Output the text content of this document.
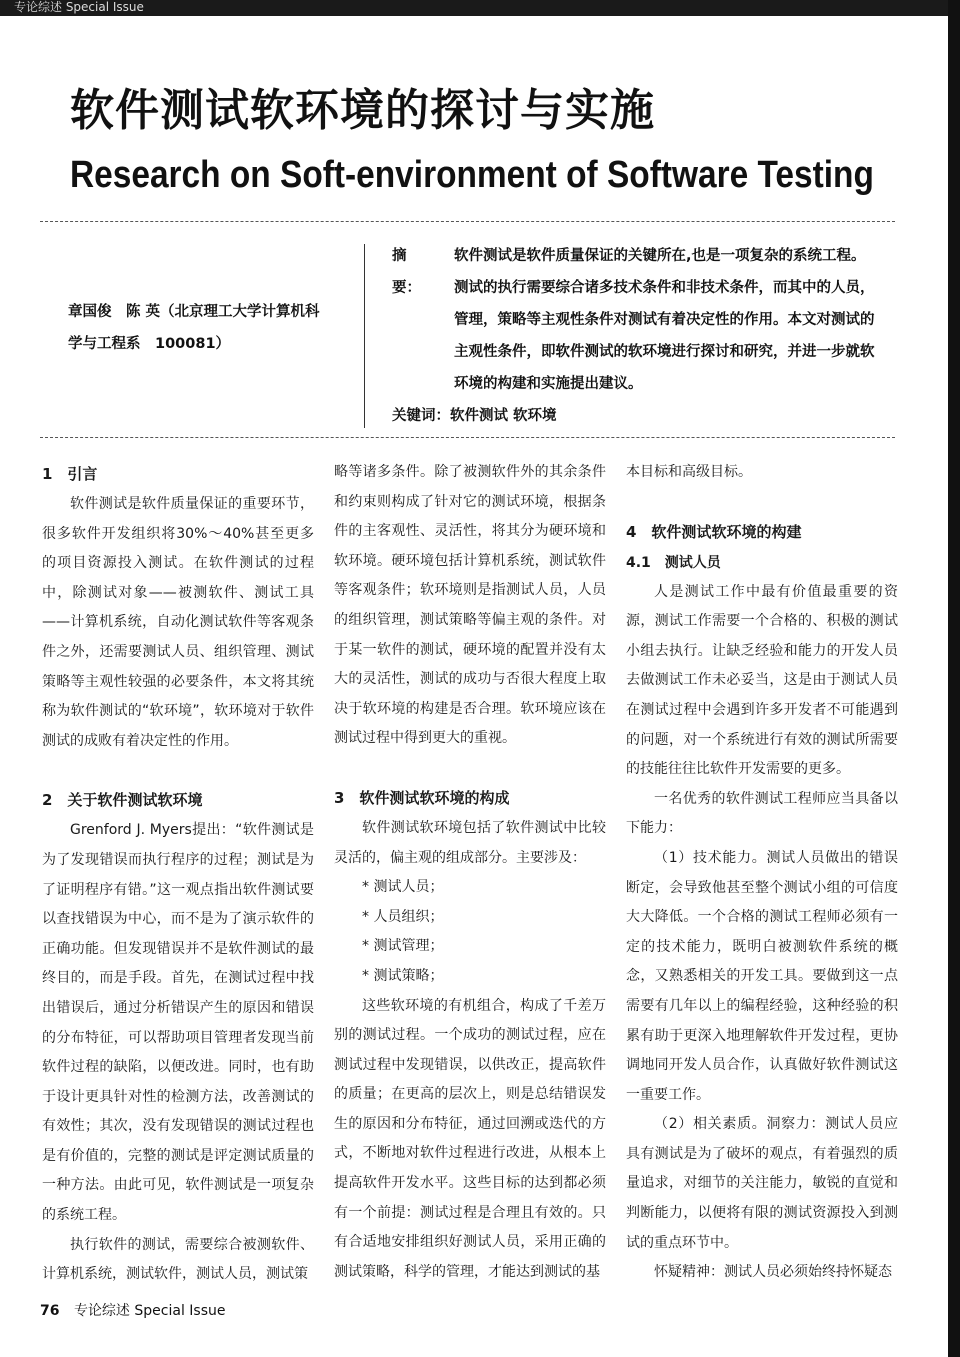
专论综述 Special Issue
软件测试软环境的探讨与实施
Research on Soft-environment of Software Testing
章国俊　陈 英（北京理工大学计算机科
学与工程系　100081）
摘　要：
软件测试是软件质量保证的关键所在,也是一项复杂的系统工程。
测试的执行需要综合诸多技术条件和非技术条件，而其中的人员，
管理，策略等主观性条件对测试有着决定性的作用。本文对测试的
主观性条件，即软件测试的软环境进行探讨和研究，并进一步就软
环境的构建和实施提出建议。
关键词：软件测试 软环境
1　引言

软件测试是软件质量保证的重要环节，很多软件开发组织将30%～40%甚至更多的项目资源投入测试。在软件测试的过程中，除测试对象——被测软件、测试工具——计算机系统，自动化测试软件等客观条件之外，还需要测试人员、组织管理、测试策略等主观性较强的必要条件，本文将其统称为软件测试的“软环境”，软环境对于软件测试的成败有着决定性的作用。

2　关于软件测试软环境

Grenford J. Myers提出：“软件测试是为了发现错误而执行程序的过程；测试是为了证明程序有错。”这一观点指出软件测试要以查找错误为中心，而不是为了演示软件的正确功能。但发现错误并不是软件测试的最终目的，而是手段。首先，在测试过程中找出错误后，通过分析错误产生的原因和错误的分布特征，可以帮助项目管理者发现当前软件过程的缺陷，以便改进。同时，也有助于设计更具针对性的检测方法，改善测试的有效性；其次，没有发现错误的测试过程也是有价值的，完整的测试是评定测试质量的一种方法。由此可见，软件测试是一项复杂的系统工程。

执行软件的测试，需要综合被测软件、计算机系统，测试软件，测试人员，测试策

略等诸多条件。除了被测软件外的其余条件和约束则构成了针对它的测试环境，根据条件的主客观性、灵活性，将其分为硬环境和软环境。硬环境包括计算机系统，测试软件等客观条件；软环境则是指测试人员，人员的组织管理，测试策略等偏主观的条件。对于某一软件的测试，硬环境的配置并没有太大的灵活性，测试的成功与否很大程度上取决于软环境的构建是否合理。软环境应该在测试过程中得到更大的重视。

3　软件测试软环境的构成

软件测试软环境包括了软件测试中比较灵活的，偏主观的组成部分。主要涉及：

* 测试人员；

* 人员组织；

* 测试管理；

* 测试策略；

这些软环境的有机组合，构成了千差万别的测试过程。一个成功的测试过程，应在测试过程中发现错误，以供改正，提高软件的质量；在更高的层次上，则是总结错误发生的原因和分布特征，通过回溯或迭代的方式，不断地对软件过程进行改进，从根本上提高软件开发水平。这些目标的达到都必须有一个前提：测试过程是合理且有效的。只有合适地安排组织好测试人员，采用正确的测试策略，科学的管理，才能达到测试的基

本目标和高级目标。

4　软件测试软环境的构建
4.1　测试人员

人是测试工作中最有价值最重要的资源，测试工作需要一个合格的、积极的测试小组去执行。让缺乏经验和能力的开发人员去做测试工作未必妥当，这是由于测试人员在测试过程中会遇到许多开发者不可能遇到的问题，对一个系统进行有效的测试所需要的技能往往比软件开发需要的更多。

一名优秀的软件测试工程师应当具备以下能力：

（1）技术能力。测试人员做出的错误断定，会导致他甚至整个测试小组的可信度大大降低。一个合格的测试工程师必须有一定的技术能力，既明白被测软件系统的概念，又熟悉相关的开发工具。要做到这一点需要有几年以上的编程经验，这种经验的积累有助于更深入地理解软件开发过程，更协调地同开发人员合作，认真做好软件测试这一重要工作。

（2）相关素质。洞察力：测试人员应具有测试是为了破坏的观点，有着强烈的质量追求，对细节的关注能力，敏锐的直觉和判断能力，以便将有限的测试资源投入到测试的重点环节中。

怀疑精神：测试人员必须始终持怀疑态

76 专论综述 Special Issue
